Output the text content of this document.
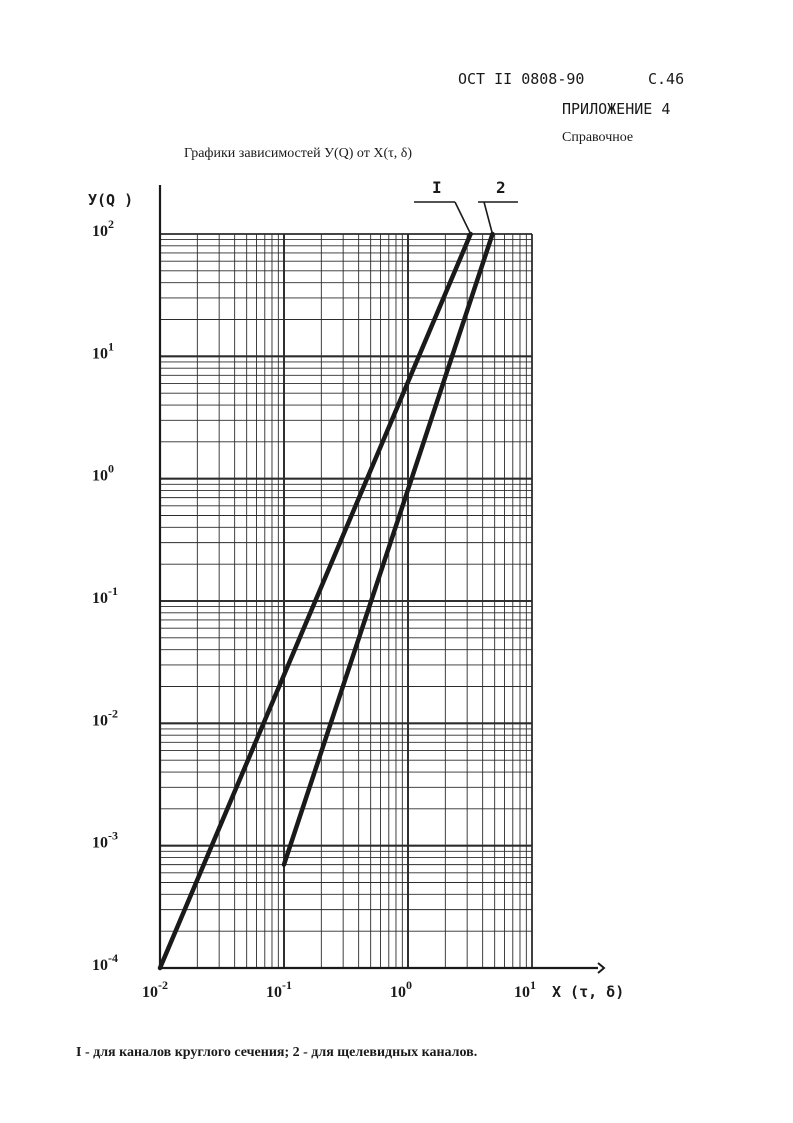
ОСТ II 0808-90	С.46
ПРИЛОЖЕНИЕ 4
Справочное
Графики зависимостей У(Q) от Х(τ, δ)
I	2
$10^2$
$10^1$
$10^0$
$10^{-1}$
$10^{-2}$
$10^{-3}$
$10^{-4}$
$10^{-2}$	$10^{-1}$	$10^0$	$10^1$
У(Q )
Х (τ, δ)
I - для каналов круглого сечения; 2 - для щелевидных каналов.
